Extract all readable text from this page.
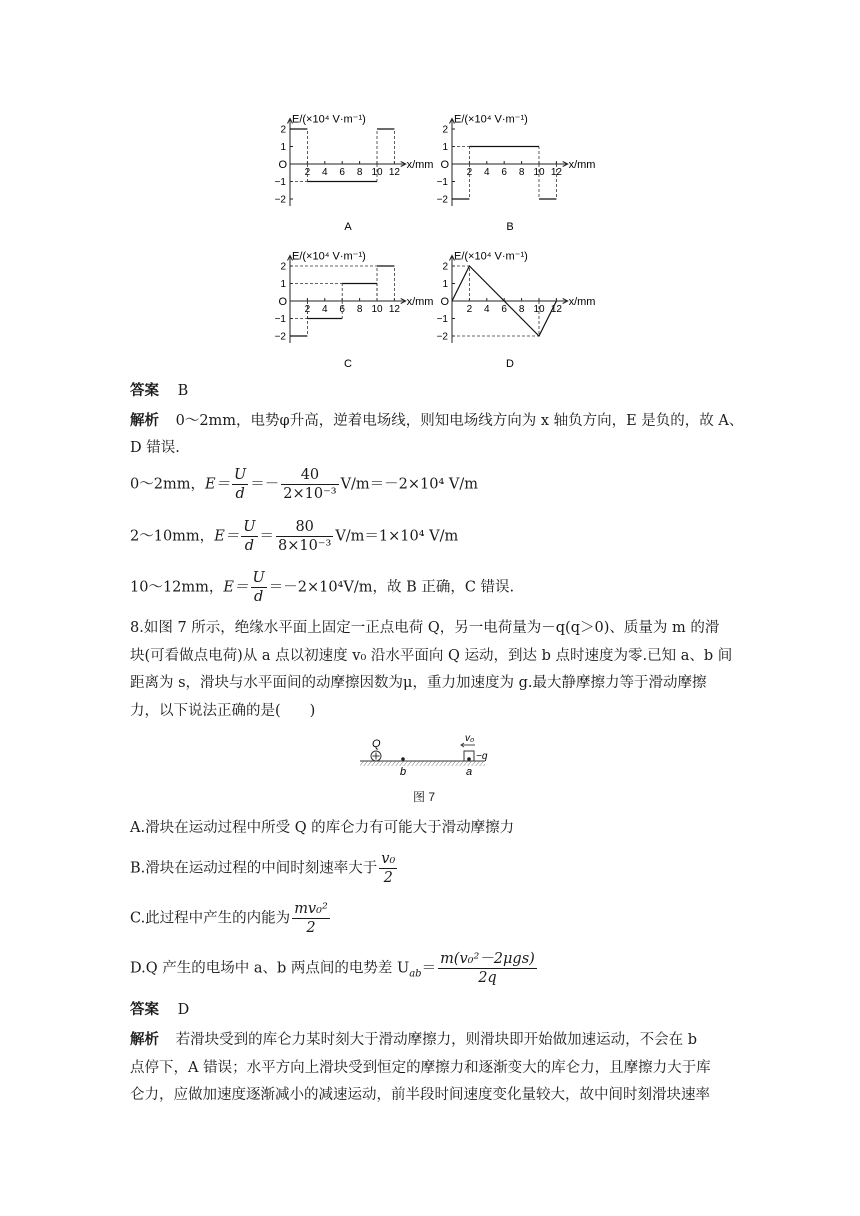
E/(×10⁴ V·m⁻¹)
x/mm
O
2
1
−1
−2
2 4 6 8 10 12
A
E/(×10⁴ V·m⁻¹)
x/mm
O
2
1
−1
−2
2 4 6 8 10 12
B
E/(×10⁴ V·m⁻¹)
x/mm
O
2
1
−1
−2
2 4 6 8 10 12
C
E/(×10⁴ V·m⁻¹)
x/mm
O
2
1
−1
−2
2 4 6 8 10 12
D
答案 B
解析 0～2mm，电势φ升高，逆着电场线，则知电场线方向为 x 轴负方向，E 是负的，故 A、
D 错误.
0～2mm，$E= \frac{U}{d} =- \frac{40}{\text{2×10⁻³}} V/m=-2\times 10^4$ V/m
2～10mm，$E= \frac{U}{d} = \frac{80}{\text{8×10⁻³}} V/m=1\times 10^4$ V/m
10～12mm，$E= \frac{U}{d} =-2\times 10^4V/m$，故 B 正确，C 错误.
8.如图 7 所示，绝缘水平面上固定一正点电荷 Q，另一电荷量为－q(q＞0)、质量为 m 的滑
块(可看做点电荷)从 a 点以初速度 v₀ 沿水平面向 Q 运动，到达 b 点时速度为零.已知 a、b 间
距离为 s，滑块与水平面间的动摩擦因数为μ，重力加速度为 g.最大静摩擦力等于滑动摩擦
力，以下说法正确的是(　　)
Q
b	a
v₀
−q
图 7
A.滑块在运动过程中所受 Q 的库仑力有可能大于滑动摩擦力
B.滑块在运动过程的中间时刻速率大于 $\frac{\text{v₀}}{2}$
C.此过程中产生的内能为 $\frac{\text{mv₀²}}{2}$
D.Q 产生的电场中 a、b 两点间的电势差 $U_{ab}= \frac{\text{m(v₀²－2μgs)}}{2q}$
答案 D
解析 若滑块受到的库仑力某时刻大于滑动摩擦力，则滑块即开始做加速运动，不会在 b
点停下，A 错误；水平方向上滑块受到恒定的摩擦力和逐渐变大的库仑力，且摩擦力大于库
仑力，应做加速度逐渐减小的减速运动，前半段时间速度变化量较大，故中间时刻滑块速率
